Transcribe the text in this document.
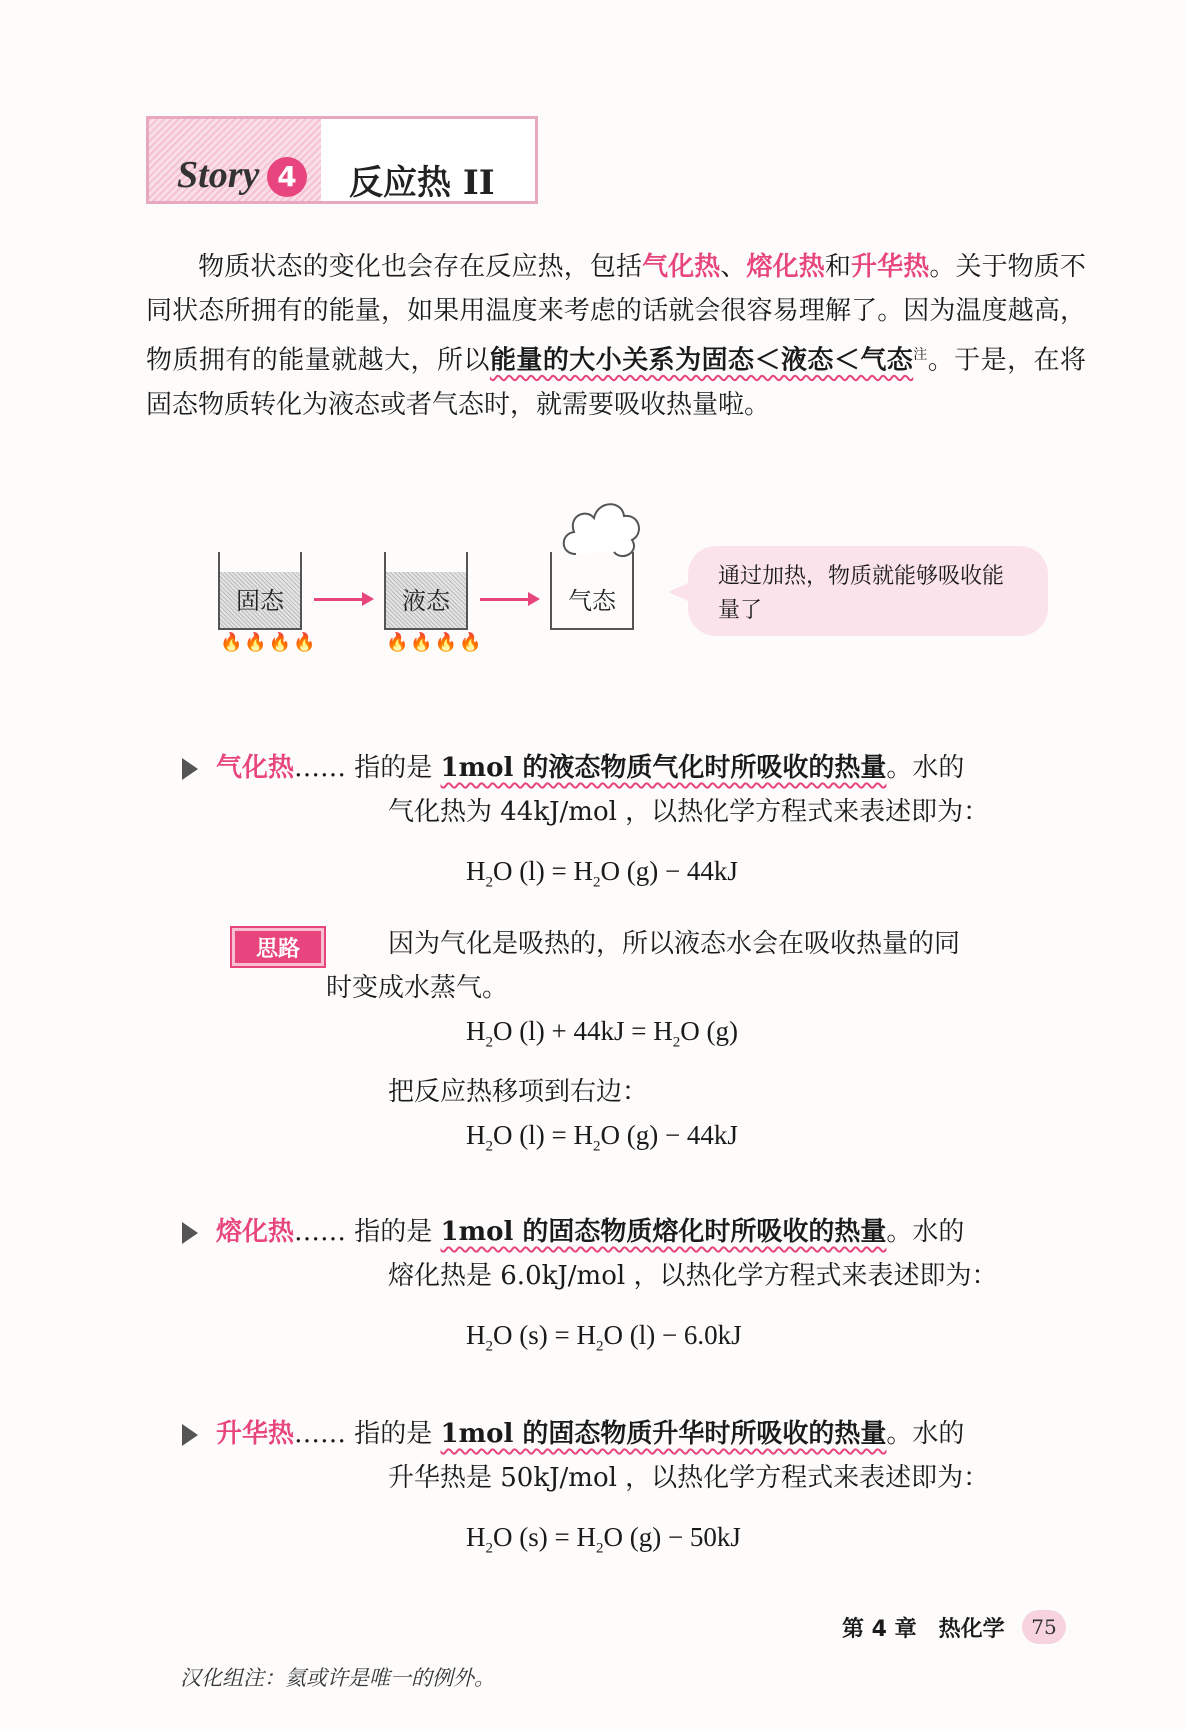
Story 4	反应热 II
物质状态的变化也会存在反应热，包括气化热、熔化热和升华热。关于物质不同状态所拥有的能量，如果用温度来考虑的话就会很容易理解了。因为温度越高，物质拥有的能量就越大，所以能量的大小关系为固态＜液态＜气态$^注$。于是，在将固态物质转化为液态或者气态时，就需要吸收热量啦。
固态
🔥🔥🔥🔥
液态
🔥🔥🔥🔥
气态
通过加热，物质就能够吸收能量了
气化热…… 指的是 1mol 的液态物质气化时所吸收的热量。水的
气化热为 44kJ/mol ，以热化学方程式来表述即为：
$H_2O$ $(l) = H_2O$ (g) − 44kJ
思路	因为气化是吸热的，所以液态水会在吸收热量的同
时变成水蒸气。
$H_2O$ $(l) + 44kJ = H_2O$ (g)
把反应热移项到右边：
$H_2O$ $(l) = H_2O$ (g) − 44kJ
熔化热…… 指的是 1mol 的固态物质熔化时所吸收的热量。水的
熔化热是 6.0kJ/mol ，以热化学方程式来表述即为：
$H_2O$ $(s) = H_2O$ (l) − 6.0kJ
升华热…… 指的是 1mol 的固态物质升华时所吸收的热量。水的
升华热是 50kJ/mol ，以热化学方程式来表述即为：
$H_2O$ $(s) = H_2O$ (g) − 50kJ
第 4 章　热化学	75
汉化组注：氦或许是唯一的例外。
